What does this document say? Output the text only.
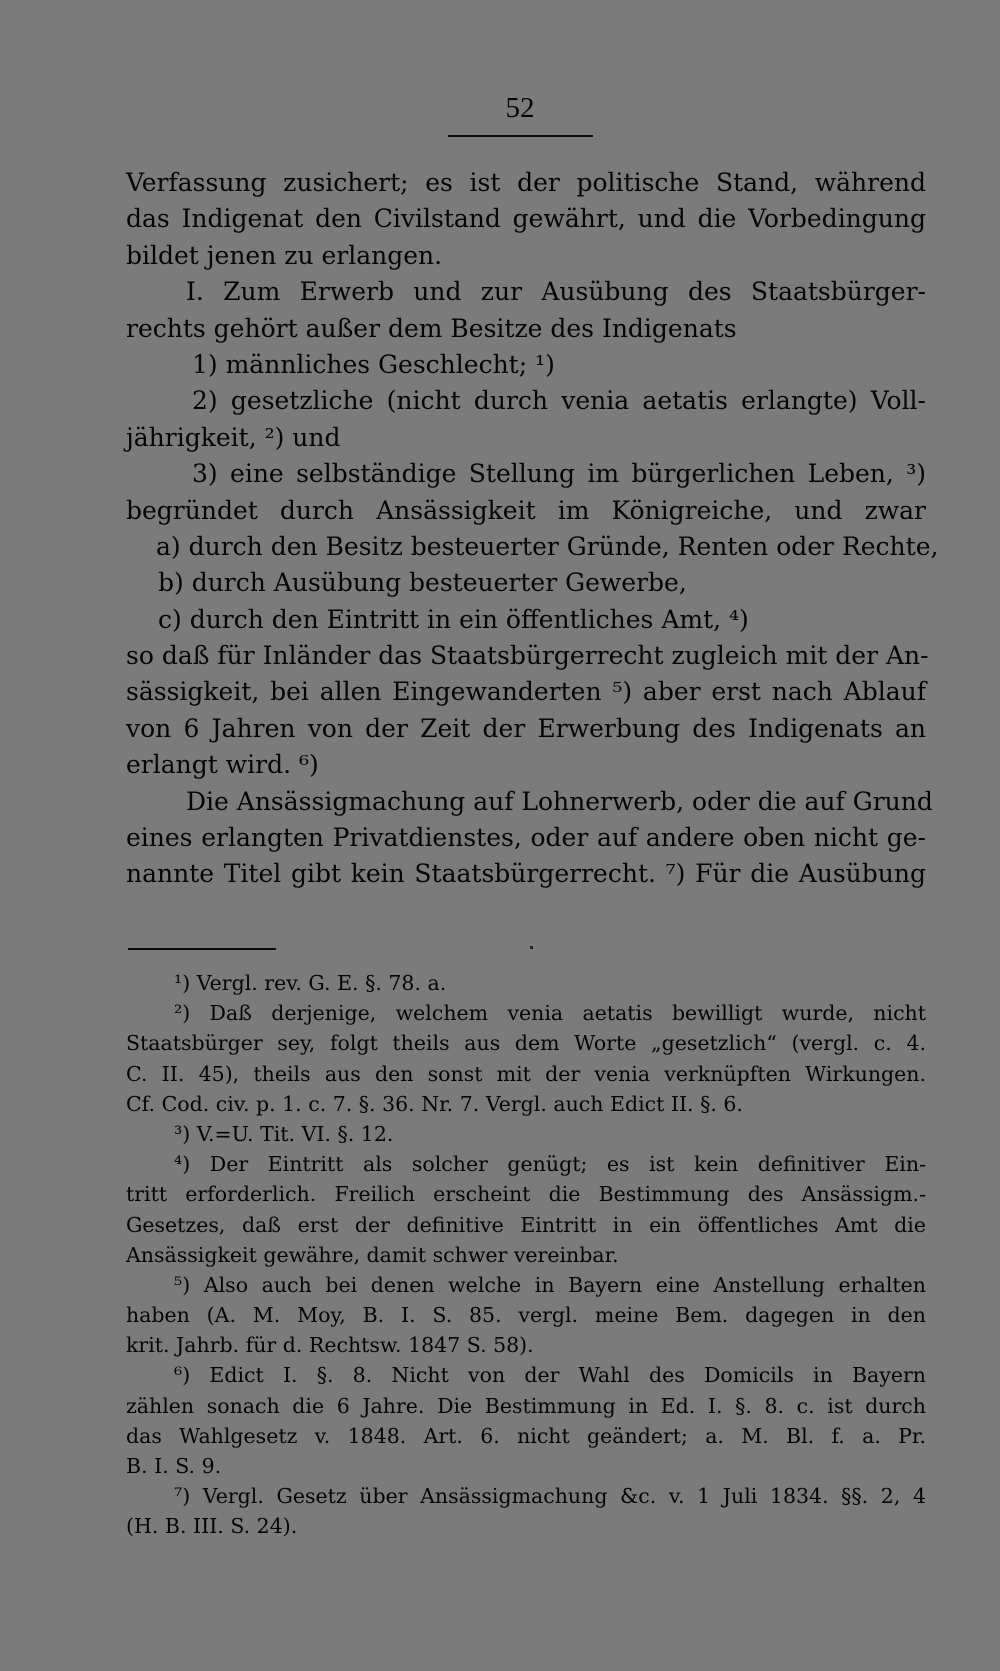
52
Verfassung zusichert; es ist der politische Stand, während
das Indigenat den Civilstand gewährt, und die Vorbedingung
bildet jenen zu erlangen.
I. Zum Erwerb und zur Ausübung des Staatsbürger-
rechts gehört außer dem Besitze des Indigenats
1) männliches Geschlecht; ¹)
2) gesetzliche (nicht durch venia aetatis erlangte) Voll-
jährigkeit, ²) und
3) eine selbständige Stellung im bürgerlichen Leben, ³)
begründet durch Ansässigkeit im Königreiche, und zwar
a) durch den Besitz besteuerter Gründe, Renten oder Rechte,
b) durch Ausübung besteuerter Gewerbe,
c) durch den Eintritt in ein öffentliches Amt, ⁴)
so daß für Inländer das Staatsbürgerrecht zugleich mit der An-
sässigkeit, bei allen Eingewanderten ⁵) aber erst nach Ablauf
von 6 Jahren von der Zeit der Erwerbung des Indigenats an
erlangt wird. ⁶)
Die Ansässigmachung auf Lohnerwerb, oder die auf Grund
eines erlangten Privatdienstes, oder auf andere oben nicht ge-
nannte Titel gibt kein Staatsbürgerrecht. ⁷) Für die Ausübung
¹) Vergl. rev. G. E. §. 78. a.
²) Daß derjenige, welchem venia aetatis bewilligt wurde, nicht
Staatsbürger sey, folgt theils aus dem Worte „gesetzlich“ (vergl. c. 4.
C. II. 45), theils aus den sonst mit der venia verknüpften Wirkungen.
Cf. Cod. civ. p. 1. c. 7. §. 36. Nr. 7. Vergl. auch Edict II. §. 6.
³) V.=U. Tit. VI. §. 12.
⁴) Der Eintritt als solcher genügt; es ist kein definitiver Ein-
tritt erforderlich. Freilich erscheint die Bestimmung des Ansässigm.-
Gesetzes, daß erst der definitive Eintritt in ein öffentliches Amt die
Ansässigkeit gewähre, damit schwer vereinbar.
⁵) Also auch bei denen welche in Bayern eine Anstellung erhalten
haben (A. M. Moy, B. I. S. 85. vergl. meine Bem. dagegen in den
krit. Jahrb. für d. Rechtsw. 1847 S. 58).
⁶) Edict I. §. 8. Nicht von der Wahl des Domicils in Bayern
zählen sonach die 6 Jahre. Die Bestimmung in Ed. I. §. 8. c. ist durch
das Wahlgesetz v. 1848. Art. 6. nicht geändert; a. M. Bl. f. a. Pr.
B. I. S. 9.
⁷) Vergl. Gesetz über Ansässigmachung &c. v. 1 Juli 1834. §§. 2, 4
(H. B. III. S. 24).
